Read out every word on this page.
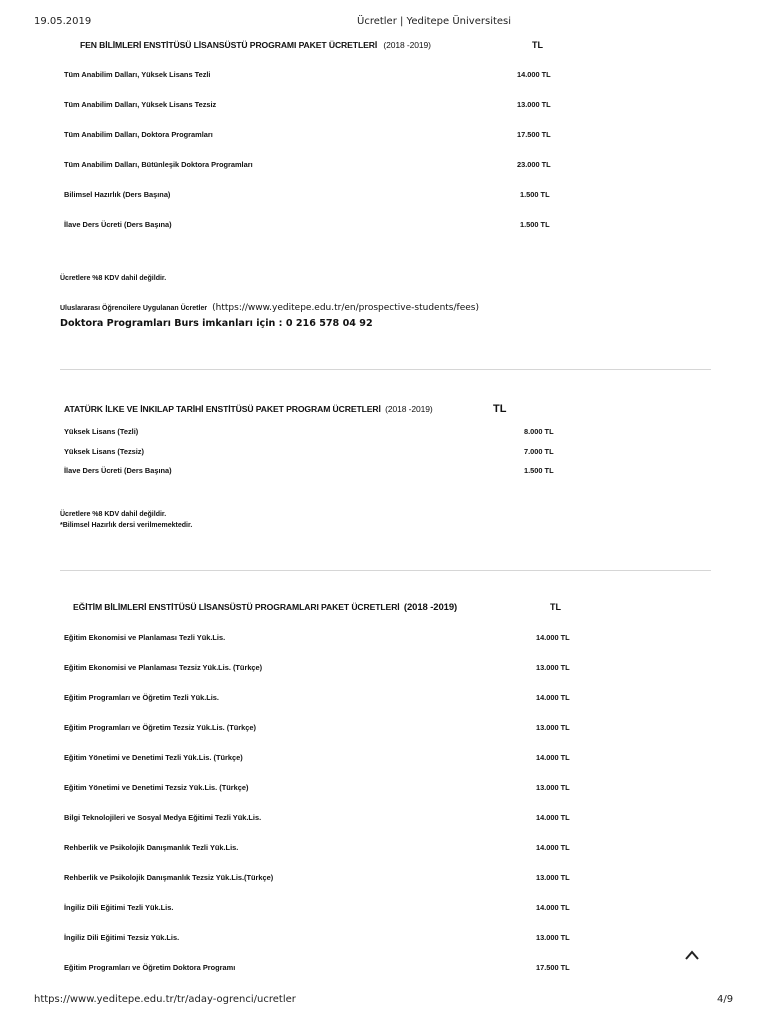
19.05.2019	Ücretler | Yeditepe Üniversitesi
FEN BİLİMLERİ ENSTİTÜSÜ LİSANSÜSTÜ PROGRAMI PAKET ÜCRETLERİ (2018 -2019)	TL
Tüm Anabilim Dalları, Yüksek Lisans Tezli	14.000 TL
Tüm Anabilim Dalları, Yüksek Lisans Tezsiz	13.000 TL
Tüm Anabilim Dalları, Doktora Programları	17.500 TL
Tüm Anabilim Dalları, Bütünleşik Doktora Programları	23.000 TL
Bilimsel Hazırlık (Ders Başına)	1.500 TL
İlave Ders Ücreti (Ders Başına)	1.500 TL
Ücretlere %8 KDV dahil değildir.
Uluslararası Öğrencilere Uygulanan Ücretler (https://www.yeditepe.edu.tr/en/prospective-students/fees)
Doktora Programları Burs imkanları için : 0 216 578 04 92
ATATÜRK İLKE VE İNKILAP TARİHİ ENSTİTÜSÜ PAKET PROGRAM ÜCRETLERİ (2018 -2019)	TL
Yüksek Lisans (Tezli)	8.000 TL
Yüksek Lisans (Tezsiz)	7.000 TL
İlave Ders Ücreti (Ders Başına)	1.500 TL
Ücretlere %8 KDV dahil değildir.
*Bilimsel Hazırlık dersi verilmemektedir.
EĞİTİM BİLİMLERİ ENSTİTÜSÜ LİSANSÜSTÜ PROGRAMLARI PAKET ÜCRETLERİ (2018 -2019)	TL
Eğitim Ekonomisi ve Planlaması Tezli Yük.Lis.	14.000 TL
Eğitim Ekonomisi ve Planlaması Tezsiz Yük.Lis. (Türkçe)	13.000 TL
Eğitim Programları ve Öğretim Tezli Yük.Lis.	14.000 TL
Eğitim Programları ve Öğretim Tezsiz Yük.Lis. (Türkçe)	13.000 TL
Eğitim Yönetimi ve Denetimi Tezli Yük.Lis. (Türkçe)	14.000 TL
Eğitim Yönetimi ve Denetimi Tezsiz Yük.Lis. (Türkçe)	13.000 TL
Bilgi Teknolojileri ve Sosyal Medya Eğitimi Tezli Yük.Lis.	14.000 TL
Rehberlik ve Psikolojik Danışmanlık Tezli Yük.Lis.	14.000 TL
Rehberlik ve Psikolojik Danışmanlık Tezsiz Yük.Lis.(Türkçe)	13.000 TL
İngiliz Dili Eğitimi Tezli Yük.Lis.	14.000 TL
İngiliz Dili Eğitimi Tezsiz Yük.Lis.	13.000 TL
Eğitim Programları ve Öğretim Doktora Programı	17.500 TL
https://www.yeditepe.edu.tr/tr/aday-ogrenci/ucretler	4/9
